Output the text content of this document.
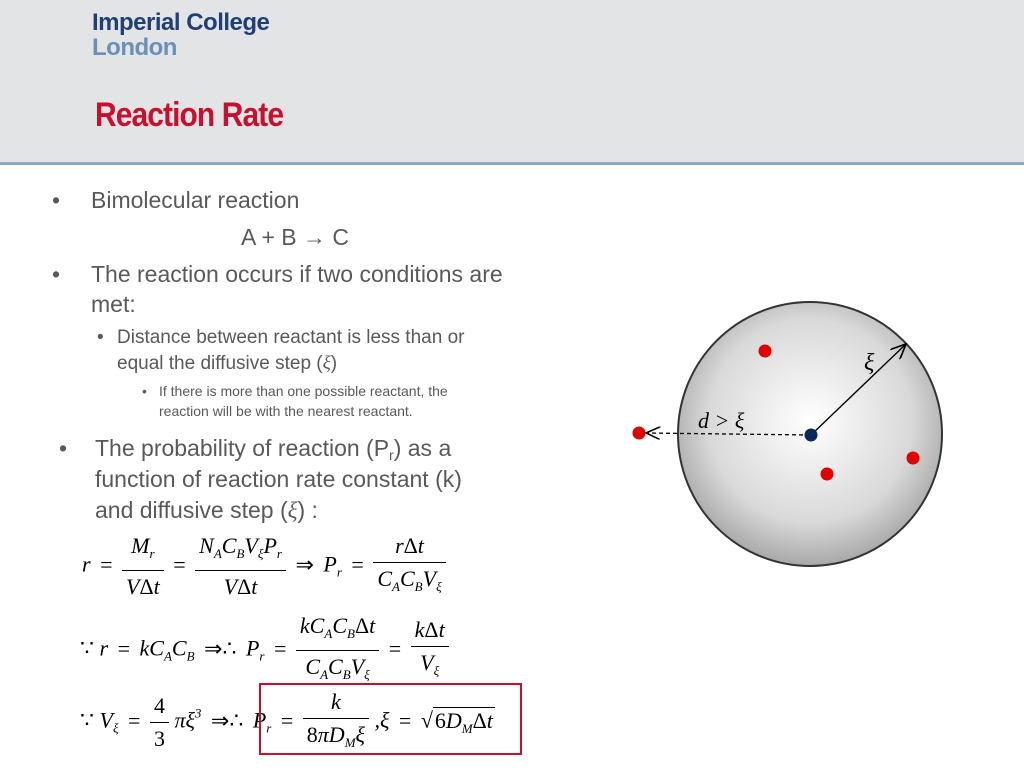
Imperial College
London
Reaction Rate
• Bimolecular reaction
A + B → C
• The reaction occurs if two conditions are
met:
• Distance between reactant is less than or
equal the diffusive step (ξ)
• If there is more than one possible reactant, the
reaction will be with the nearest reactant.
• The probability of reaction $(P_r)$ as a
function of reaction rate constant (k)
and diffusive step (ξ) :
$r = \frac{M_r}{\text{VΔt}} = \frac{N_AC_BV_\xi P_r}{\text{VΔt}}$ ⇒ $P_r = \frac{\text{rΔt}}{C_AC_BV_\xi}$
∵ $r = kC_AC_B$ ⇒∴ $P_r = \frac{kC_AC_B\Delta t}{C_AC_BV_\xi} = \frac{\text{kΔt}}{V_\xi}$
∵ $V_\xi = \frac{4}{3} \pi\xi^3$ ⇒∴ $P_r = \frac{k}{8\pi D_M\xi} ,\xi = √6D_M\Delta t$
ξ
d > ξ
